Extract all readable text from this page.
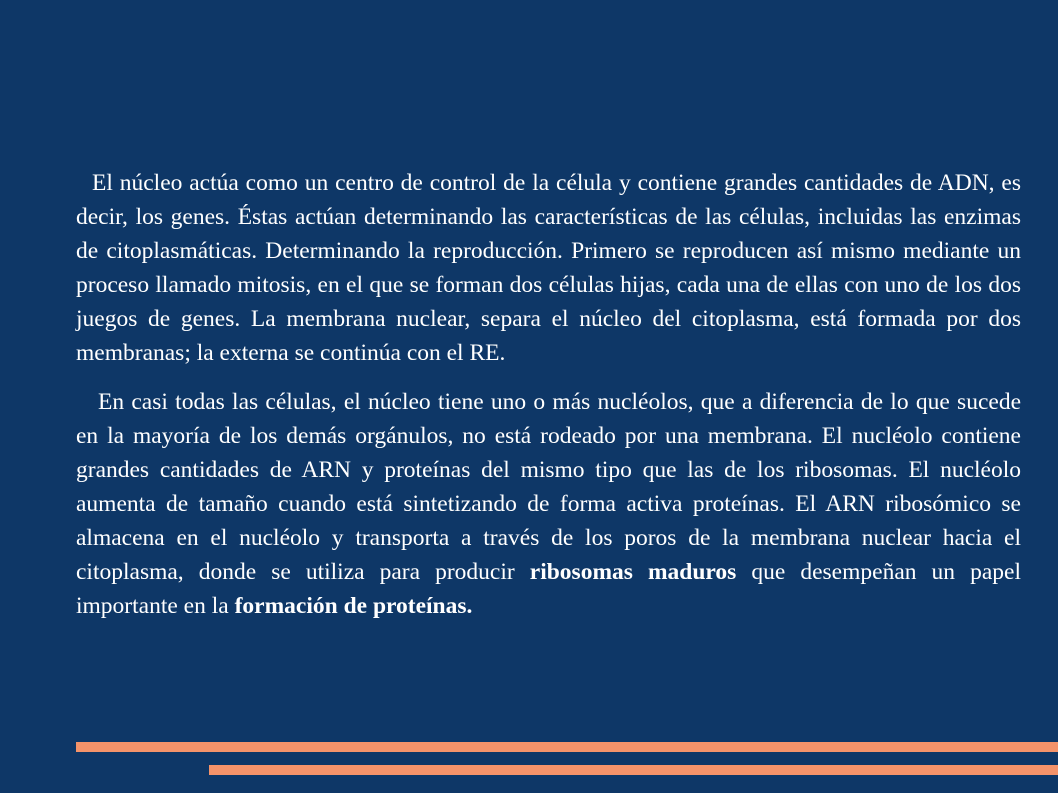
El núcleo actúa como un centro de control de la célula y contiene grandes cantidades de ADN, es decir, los genes. Éstas actúan determinando las características de las células, incluidas las enzimas de citoplasmáticas. Determinando la reproducción. Primero se reproducen así mismo mediante un proceso llamado mitosis, en el que se forman dos células hijas, cada una de ellas con uno de los dos juegos de genes. La membrana nuclear, separa el núcleo del citoplasma, está formada por dos membranas; la externa se continúa con el RE.

En casi todas las células, el núcleo tiene uno o más nucléolos, que a diferencia de lo que sucede en la mayoría de los demás orgánulos, no está rodeado por una membrana. El nucléolo contiene grandes cantidades de ARN y proteínas del mismo tipo que las de los ribosomas. El nucléolo aumenta de tamaño cuando está sintetizando de forma activa proteínas. El ARN ribosómico se almacena en el nucléolo y transporta a través de los poros de la membrana nuclear hacia el citoplasma, donde se utiliza para producir ribosomas maduros que desempeñan un papel importante en la formación de proteínas.
